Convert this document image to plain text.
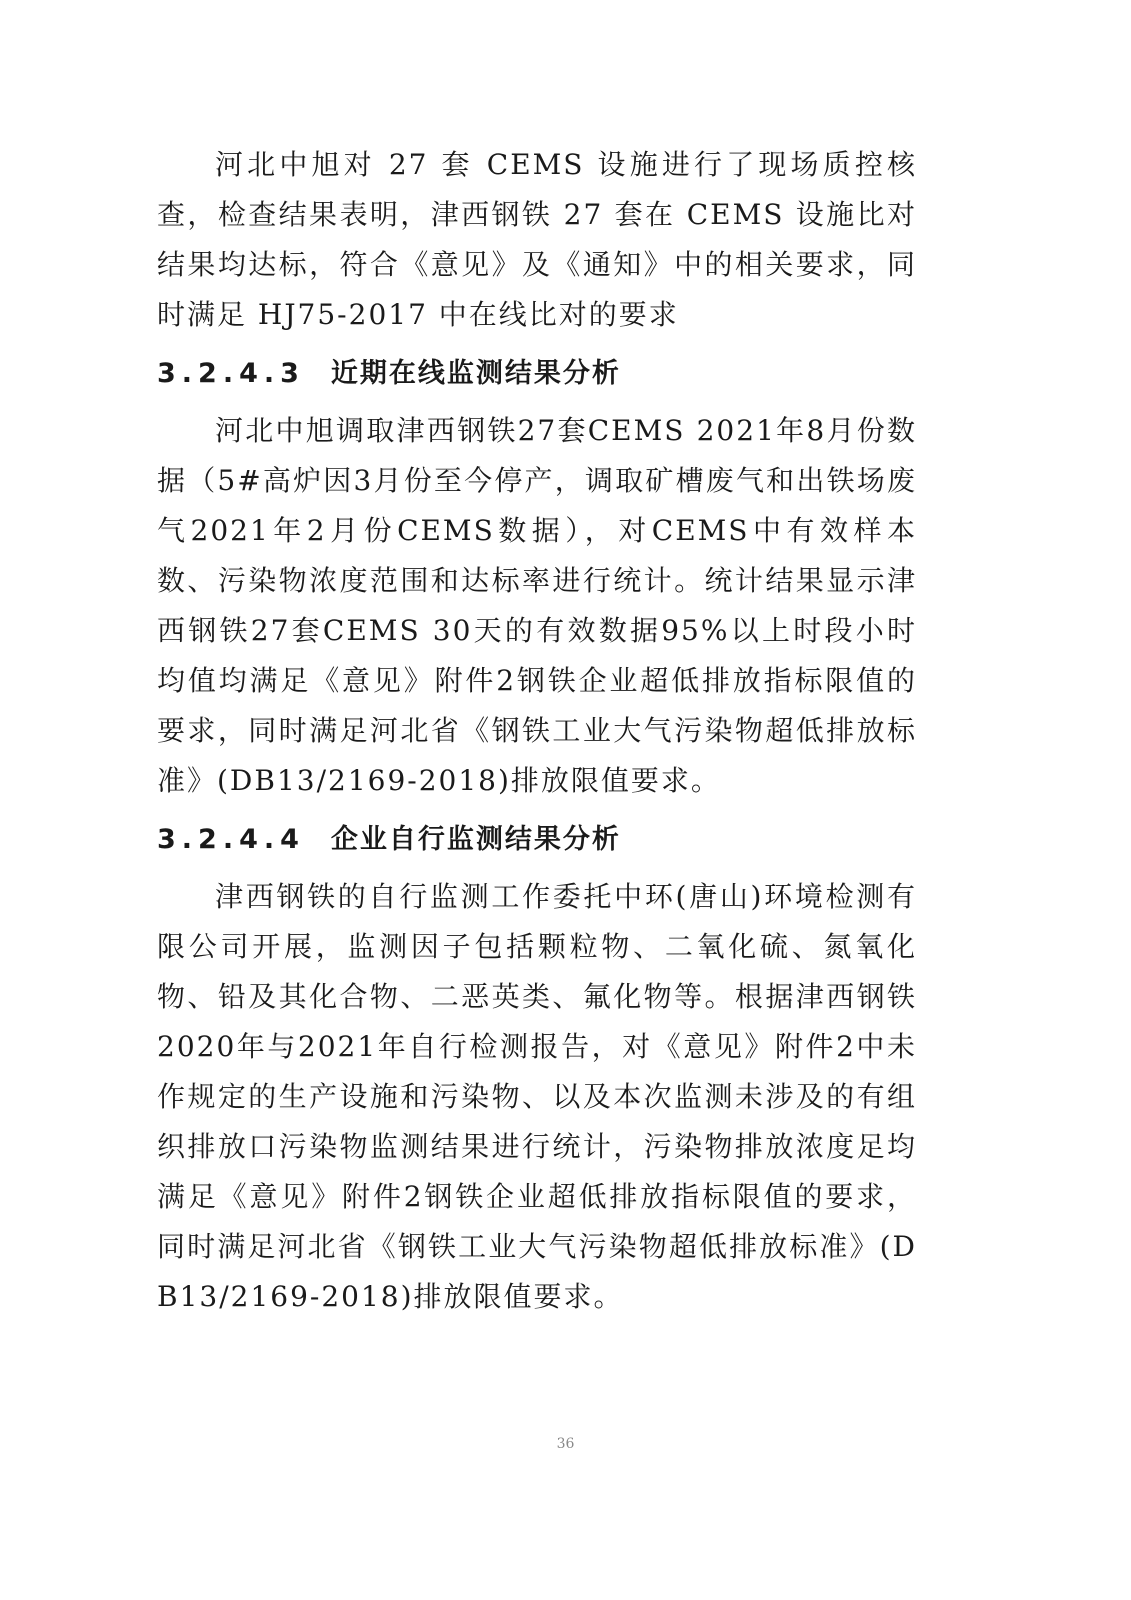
河北中旭对 27 套 CEMS 设施进行了现场质控核查，检查结果表明，津西钢铁 27 套在 CEMS 设施比对结果均达标，符合《意见》及《通知》中的相关要求，同时满足 HJ75-2017 中在线比对的要求

3.2.4.3 近期在线监测结果分析

河北中旭调取津西钢铁27套CEMS 2021年8月份数据（5#高炉因3月份至今停产，调取矿槽废气和出铁场废气2021年2月份CEMS数据），对CEMS中有效样本数、污染物浓度范围和达标率进行统计。统计结果显示津西钢铁27套CEMS 30天的有效数据95%以上时段小时均值均满足《意见》附件2钢铁企业超低排放指标限值的要求，同时满足河北省《钢铁工业大气污染物超低排放标准》(DB13/2169-2018)排放限值要求。

3.2.4.4 企业自行监测结果分析

津西钢铁的自行监测工作委托中环(唐山)环境检测有限公司开展，监测因子包括颗粒物、二氧化硫、氮氧化物、铅及其化合物、二恶英类、氟化物等。根据津西钢铁2020年与2021年自行检测报告，对《意见》附件2中未作规定的生产设施和污染物、以及本次监测未涉及的有组织排放口污染物监测结果进行统计，污染物排放浓度足均满足《意见》附件2钢铁企业超低排放指标限值的要求，同时满足河北省《钢铁工业大气污染物超低排放标准》(DB13/2169-2018)排放限值要求。

36
